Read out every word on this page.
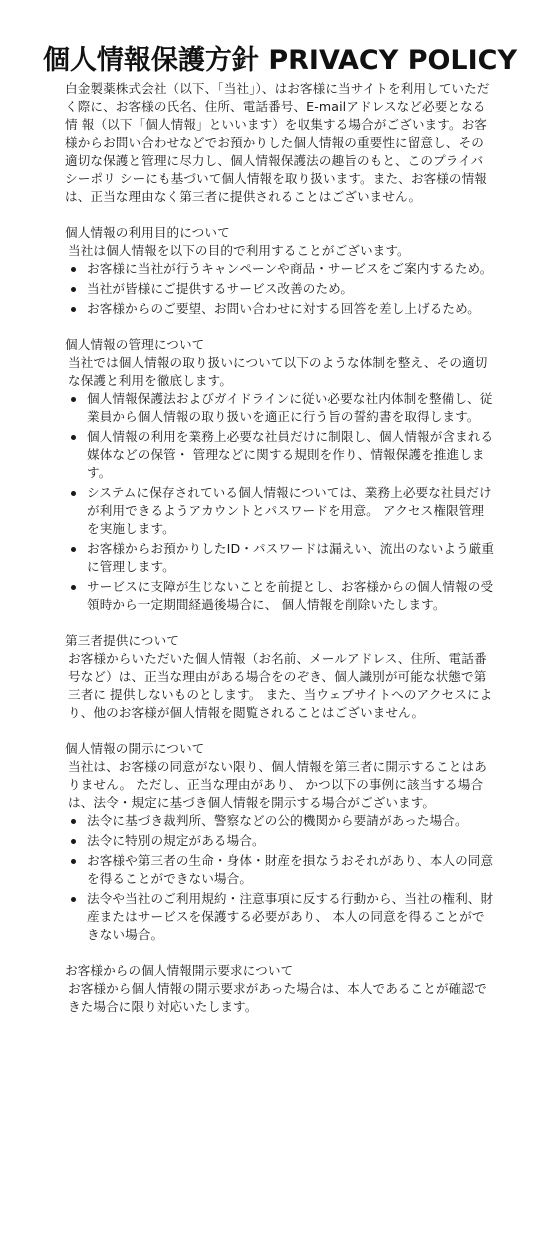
個人情報保護方針 PRIVACY POLICY

白金製薬株式会社（以下、「当社」）、はお客様に当サイトを利用していただく際に、お客様の氏名、住所、電話番号、E-mailアドレスなど必要となる情 報（以下「個人情報」といいます）を収集する場合がございます。お客様からお問い合わせなどでお預かりした個人情報の重要性に留意し、その適切な保護と管理に尽力し、個人情報保護法の趣旨のもと、このプライバシーポリ シーにも基づいて個人情報を取り扱います。また、お客様の情報は、正当な理由なく第三者に提供されることはございません。

個人情報の利用目的について

当社は個人情報を以下の目的で利用することがございます。

お客様に当社が行うキャンペーンや商品・サービスをご案内するため。
当社が皆様にご提供するサービス改善のため。
お客様からのご要望、お問い合わせに対する回答を差し上げるため。

個人情報の管理について

当社では個人情報の取り扱いについて以下のような体制を整え、その適切な保護と利用を徹底します。

個人情報保護法およびガイドラインに従い必要な社内体制を整備し、従業員から個人情報の取り扱いを適正に行う旨の誓約書を取得します。
個人情報の利用を業務上必要な社員だけに制限し、個人情報が含まれる媒体などの保管・ 管理などに関する規則を作り、情報保護を推進します。
システムに保存されている個人情報については、業務上必要な社員だけが利用できるようアカウントとパスワードを用意。 アクセス権限管理を実施します。
お客様からお預かりしたID・パスワードは漏えい、流出のないよう厳重に管理します。
サービスに支障が生じないことを前提とし、お客様からの個人情報の受領時から一定期間経過後場合に、 個人情報を削除いたします。

第三者提供について

お客様からいただいた個人情報（お名前、メールアドレス、住所、電話番号など）は、正当な理由がある場合をのぞき、個人識別が可能な状態で第三者に 提供しないものとします。 また、当ウェブサイトへのアクセスにより、他のお客様が個人情報を閲覧されることはございません。

個人情報の開示について

当社は、お客様の同意がない限り、個人情報を第三者に開示することはありません。 ただし、正当な理由があり、 かつ以下の事例に該当する場合は、法令・規定に基づき個人情報を開示する場合がございます。

法令に基づき裁判所、警察などの公的機関から要請があった場合。
法令に特別の規定がある場合。
お客様や第三者の生命・身体・財産を損なうおそれがあり、本人の同意を得ることができない場合。
法令や当社のご利用規約・注意事項に反する行動から、当社の権利、財産またはサービスを保護する必要があり、 本人の同意を得ることができない場合。

お客様からの個人情報開示要求について

お客様から個人情報の開示要求があった場合は、本人であることが確認できた場合に限り対応いたします。
